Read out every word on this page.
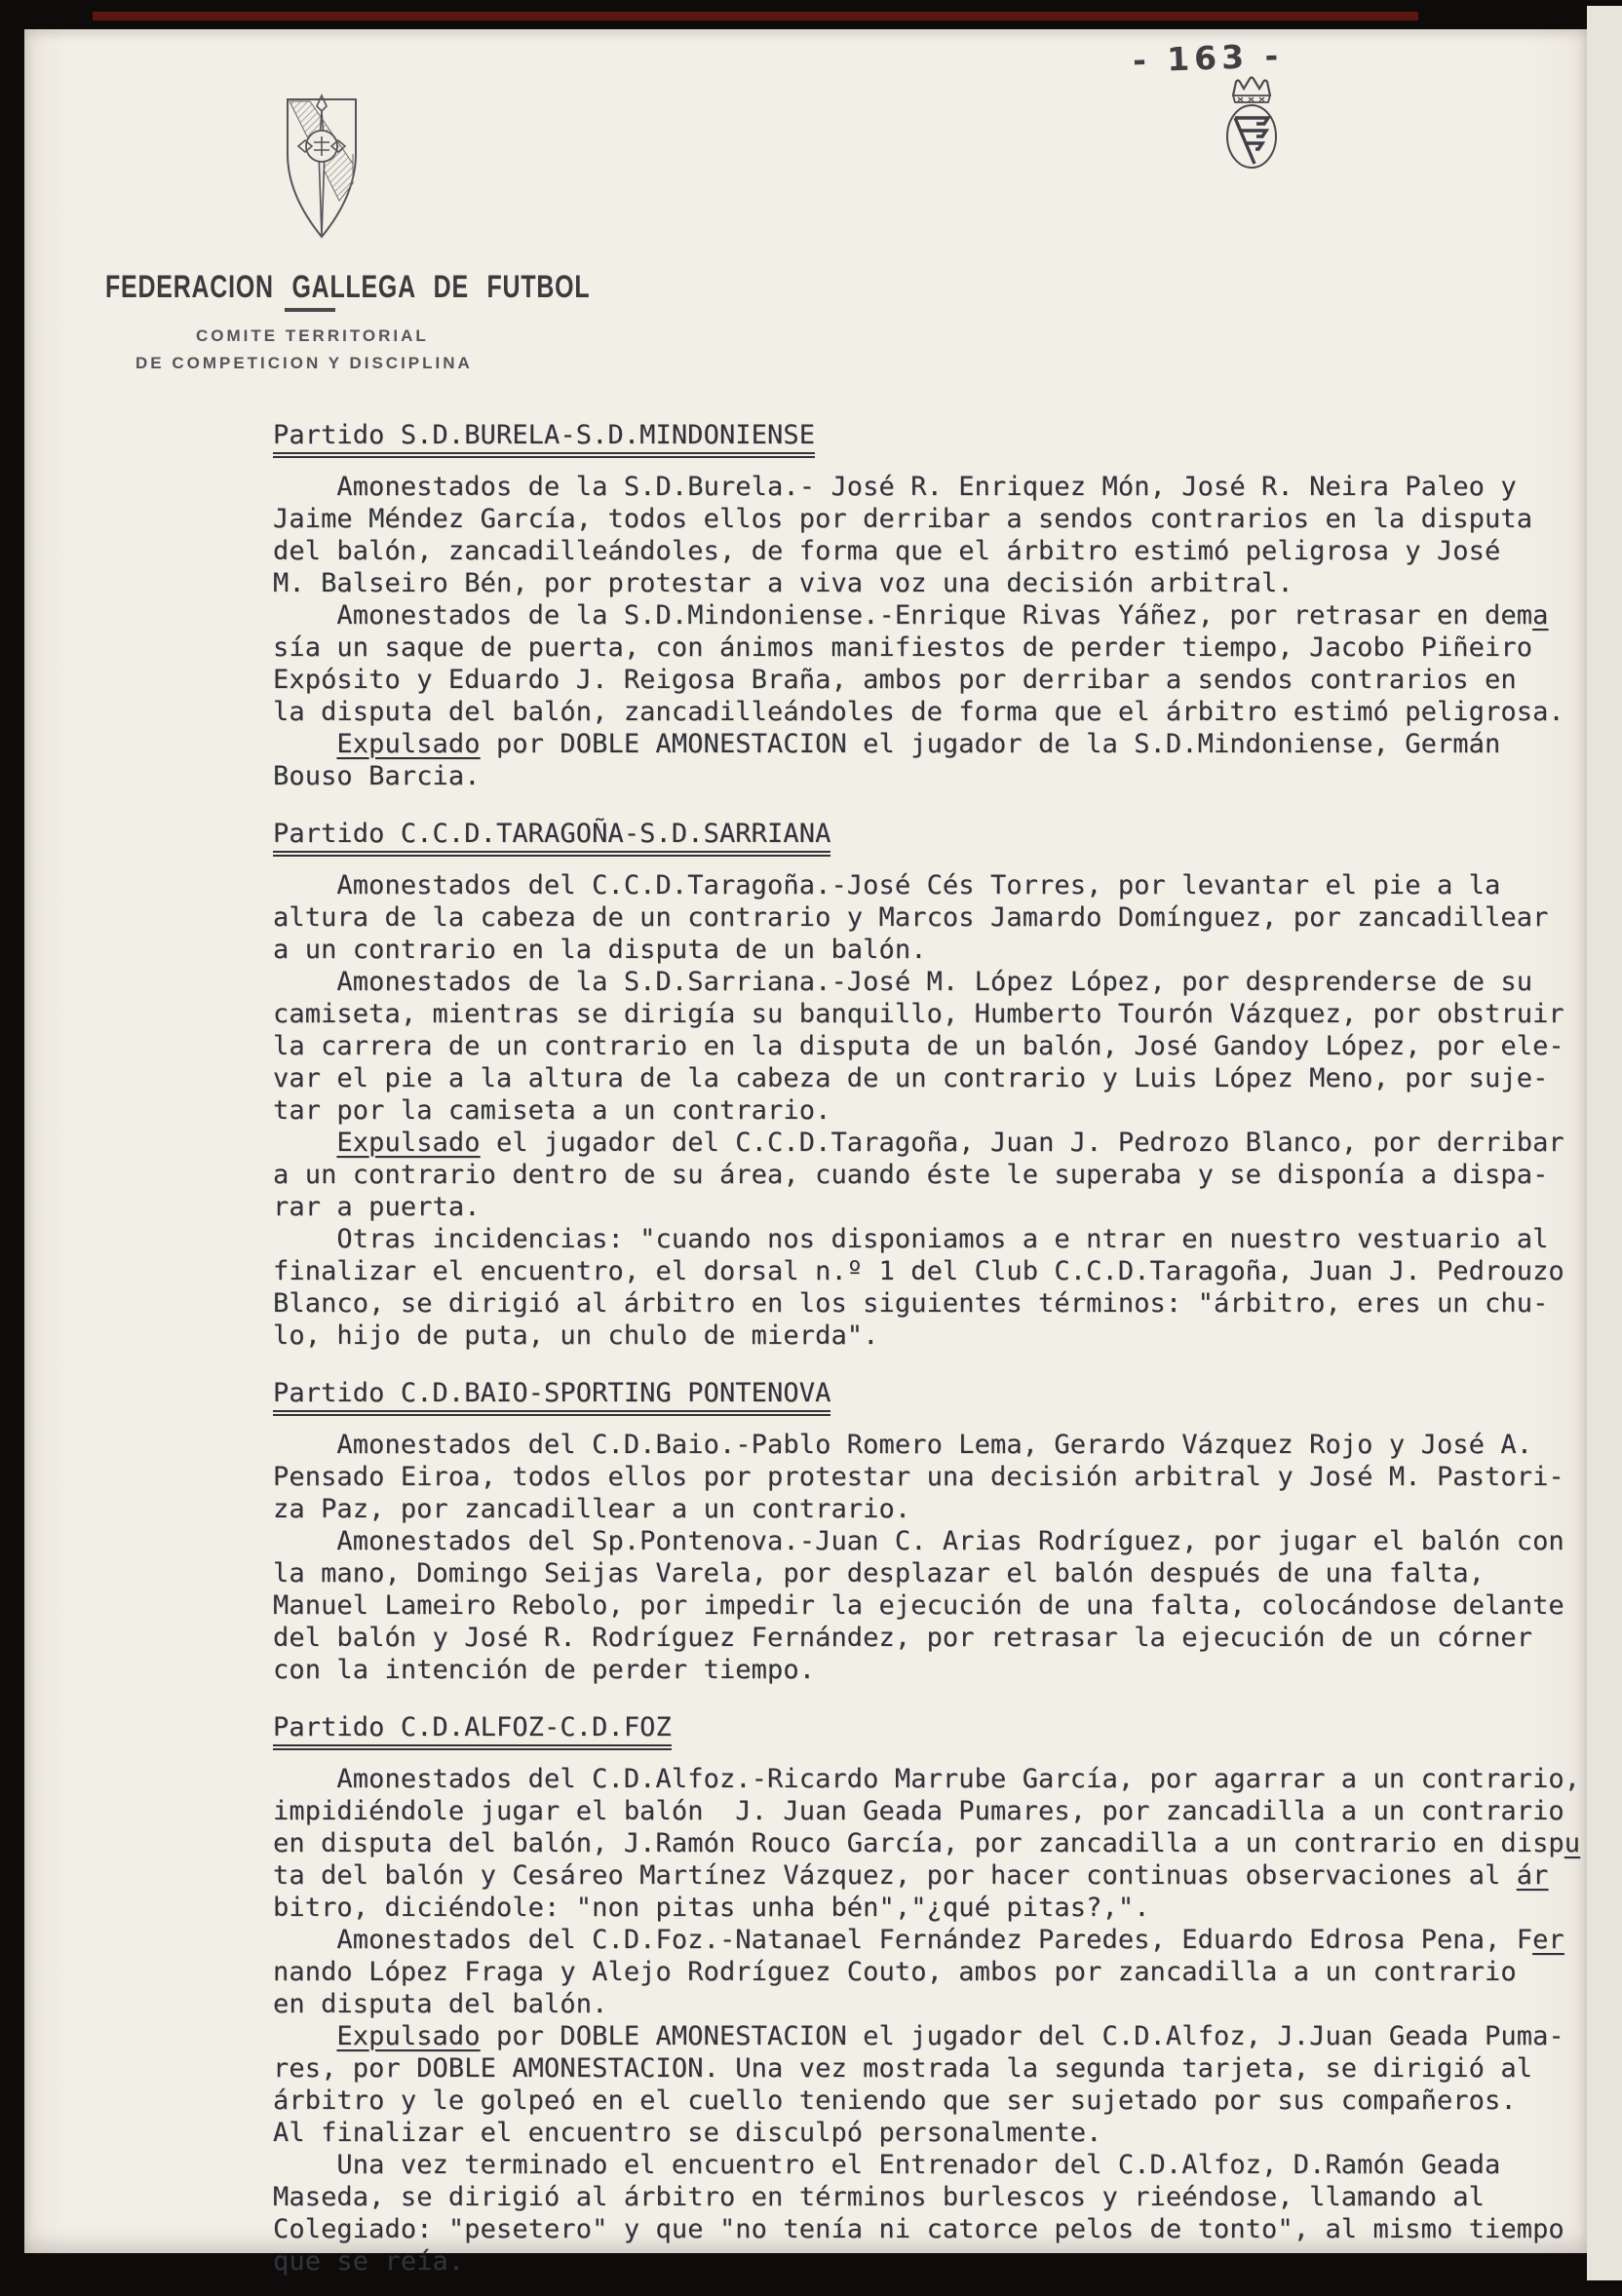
- 163 -
FEDERACION GALLEGA DE FUTBOL
COMITE TERRITORIAL
DE COMPETICION Y DISCIPLINA
Partido S.D.BURELA-S.D.MINDONIENSE
Amonestados de la S.D.Burela.- José R. Enriquez Món, José R. Neira Paleo y
Jaime Méndez García, todos ellos por derribar a sendos contrarios en la disputa
del balón, zancadilleándoles, de forma que el árbitro estimó peligrosa y José
M. Balseiro Bén, por protestar a viva voz una decisión arbitral.
Amonestados de la S.D.Mindoniense.-Enrique Rivas Yáñez, por retrasar en dema
sía un saque de puerta, con ánimos manifiestos de perder tiempo, Jacobo Piñeiro
Expósito y Eduardo J. Reigosa Braña, ambos por derribar a sendos contrarios en
la disputa del balón, zancadilleándoles de forma que el árbitro estimó peligrosa.
Expulsado por DOBLE AMONESTACION el jugador de la S.D.Mindoniense, Germán
Bouso Barcia.
Partido C.C.D.TARAGOÑA-S.D.SARRIANA
Amonestados del C.C.D.Taragoña.-José Cés Torres, por levantar el pie a la
altura de la cabeza de un contrario y Marcos Jamardo Domínguez, por zancadillear
a un contrario en la disputa de un balón.
Amonestados de la S.D.Sarriana.-José M. López López, por desprenderse de su
camiseta, mientras se dirigía su banquillo, Humberto Tourón Vázquez, por obstruir
la carrera de un contrario en la disputa de un balón, José Gandoy López, por ele-
var el pie a la altura de la cabeza de un contrario y Luis López Meno, por suje-
tar por la camiseta a un contrario.
Expulsado el jugador del C.C.D.Taragoña, Juan J. Pedrozo Blanco, por derribar
a un contrario dentro de su área, cuando éste le superaba y se disponía a dispa-
rar a puerta.
Otras incidencias: "cuando nos disponiamos a e ntrar en nuestro vestuario al
finalizar el encuentro, el dorsal n.º 1 del Club C.C.D.Taragoña, Juan J. Pedrouzo
Blanco, se dirigió al árbitro en los siguientes términos: "árbitro, eres un chu-
lo, hijo de puta, un chulo de mierda".
Partido C.D.BAIO-SPORTING PONTENOVA
Amonestados del C.D.Baio.-Pablo Romero Lema, Gerardo Vázquez Rojo y José A.
Pensado Eiroa, todos ellos por protestar una decisión arbitral y José M. Pastori-
za Paz, por zancadillear a un contrario.
Amonestados del Sp.Pontenova.-Juan C. Arias Rodríguez, por jugar el balón con
la mano, Domingo Seijas Varela, por desplazar el balón después de una falta,
Manuel Lameiro Rebolo, por impedir la ejecución de una falta, colocándose delante
del balón y José R. Rodríguez Fernández, por retrasar la ejecución de un córner
con la intención de perder tiempo.
Partido C.D.ALFOZ-C.D.FOZ
Amonestados del C.D.Alfoz.-Ricardo Marrube García, por agarrar a un contrario,
impidiéndole jugar el balón  J. Juan Geada Pumares, por zancadilla a un contrario
en disputa del balón, J.Ramón Rouco García, por zancadilla a un contrario en dispu
ta del balón y Cesáreo Martínez Vázquez, por hacer continuas observaciones al ár
bitro, diciéndole: "non pitas unha bén","¿qué pitas?,".
Amonestados del C.D.Foz.-Natanael Fernández Paredes, Eduardo Edrosa Pena, Fer
nando López Fraga y Alejo Rodríguez Couto, ambos por zancadilla a un contrario
en disputa del balón.
Expulsado por DOBLE AMONESTACION el jugador del C.D.Alfoz, J.Juan Geada Puma-
res, por DOBLE AMONESTACION. Una vez mostrada la segunda tarjeta, se dirigió al
árbitro y le golpeó en el cuello teniendo que ser sujetado por sus compañeros.
Al finalizar el encuentro se disculpó personalmente.
Una vez terminado el encuentro el Entrenador del C.D.Alfoz, D.Ramón Geada
Maseda, se dirigió al árbitro en términos burlescos y rieéndose, llamando al
Colegiado: "pesetero" y que "no tenía ni catorce pelos de tonto", al mismo tiempo
que se reía.
